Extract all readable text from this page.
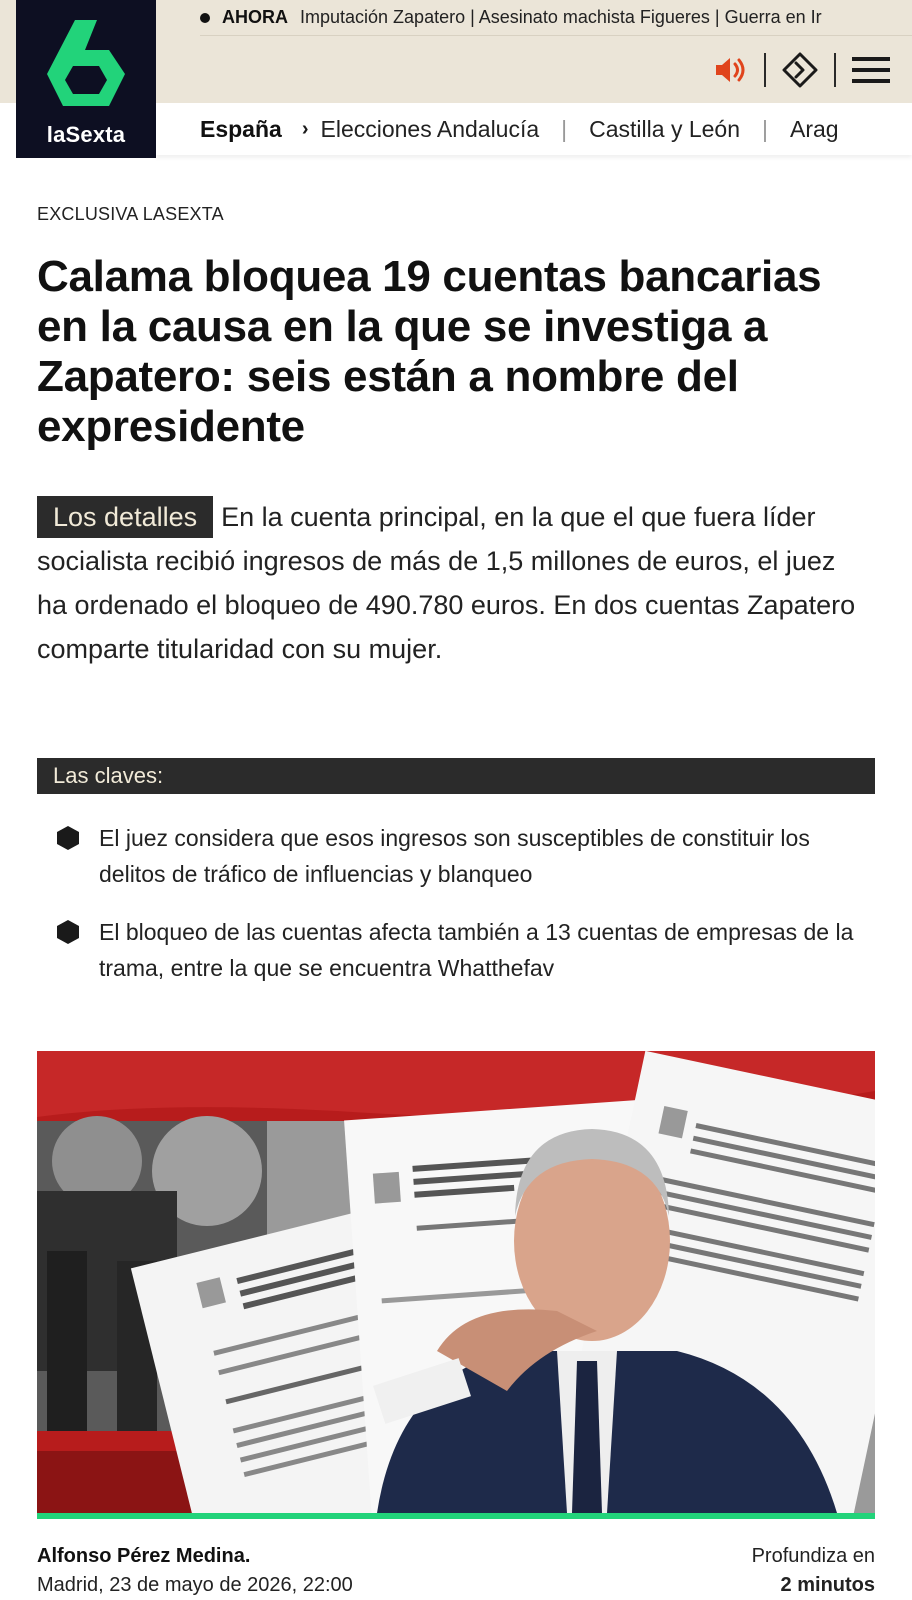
AHORA Imputación Zapatero | Asesinato machista Figueres | Guerra en Ir
laSexta	España › Elecciones Andalucía | Castilla y León | Arag
EXCLUSIVA LASEXTA
Calama bloquea 19 cuentas bancarias en la causa en la que se investiga a Zapatero: seis están a nombre del expresidente

Los detalles En la cuenta principal, en la que el que fuera líder socialista recibió ingresos de más de 1,5 millones de euros, el juez ha ordenado el bloqueo de 490.780 euros. En dos cuentas Zapatero comparte titularidad con su mujer.

Las claves:
El juez considera que esos ingresos son susceptibles de constituir los delitos de tráfico de influencias y blanqueo
El bloqueo de las cuentas afecta también a 13 cuentas de empresas de la trama, entre la que se encuentra Whatthefav
Alfonso Pérez Medina.
Madrid, 23 de mayo de 2026, 22:00
Profundiza en
2 minutos
